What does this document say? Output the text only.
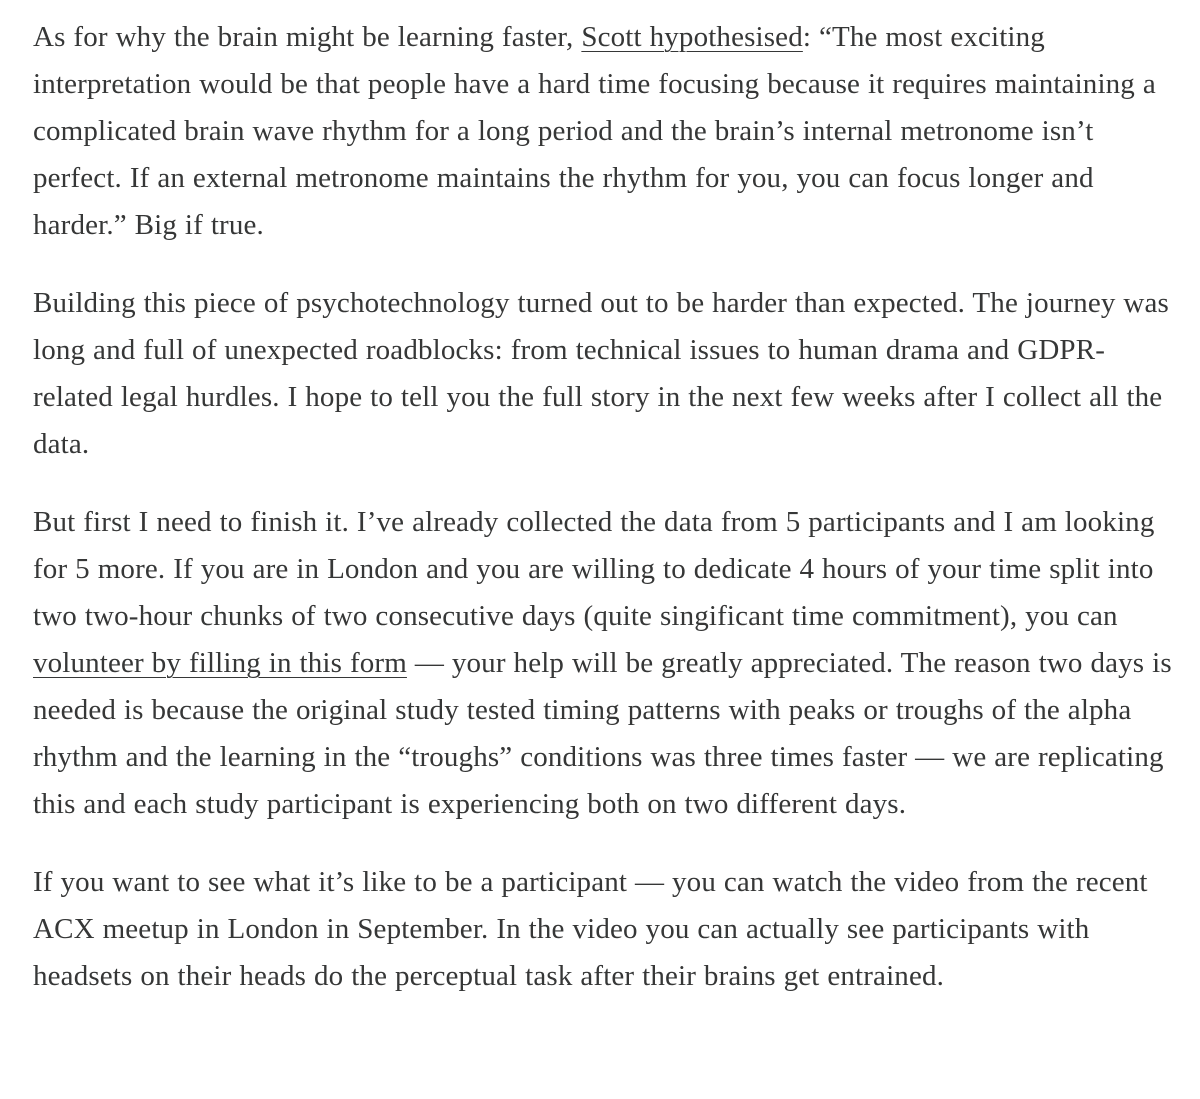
As for why the brain might be learning faster, Scott hypothesised: “The most exciting interpretation would be that people have a hard time focusing because it requires maintaining a complicated brain wave rhythm for a long period and the brain’s internal metronome isn’t perfect. If an external metronome maintains the rhythm for you, you can focus longer and harder.” Big if true.

Building this piece of psychotechnology turned out to be harder than expected. The journey was long and full of unexpected roadblocks: from technical issues to human drama and GDPR-related legal hurdles. I hope to tell you the full story in the next few weeks after I collect all the data.

But first I need to finish it. I’ve already collected the data from 5 participants and I am looking for 5 more. If you are in London and you are willing to dedicate 4 hours of your time split into two two-hour chunks of two consecutive days (quite singificant time commitment), you can volunteer by filling in this form — your help will be greatly appreciated. The reason two days is needed is because the original study tested timing patterns with peaks or troughs of the alpha rhythm and the learning in the “troughs” conditions was three times faster — we are replicating this and each study participant is experiencing both on two different days.

If you want to see what it’s like to be a participant — you can watch the video from the recent ACX meetup in London in September. In the video you can actually see participants with headsets on their heads do the perceptual task after their brains get entrained.
